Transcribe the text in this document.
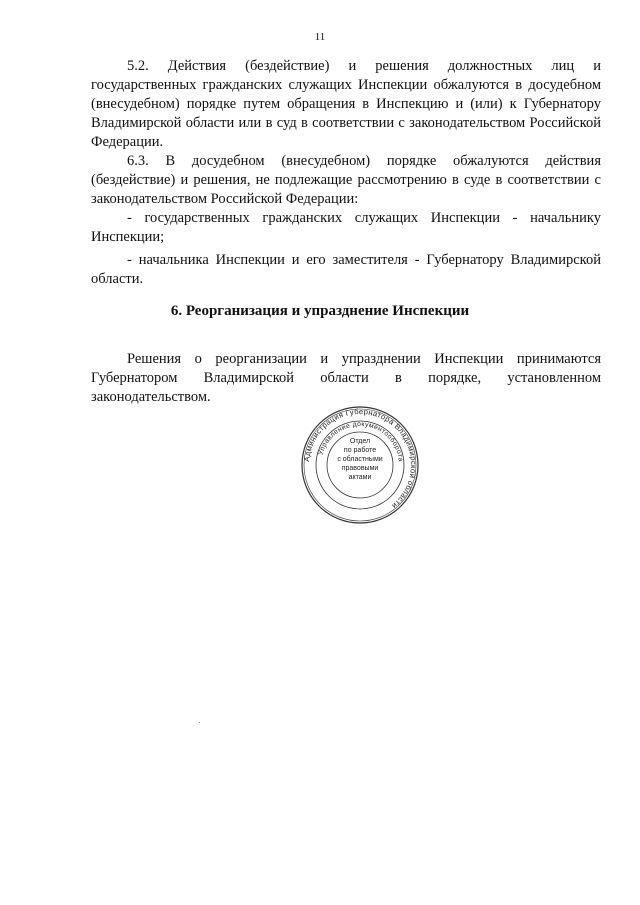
11

5.2. Действия (бездействие) и решения должностных лиц и государственных гражданских служащих Инспекции обжалуются в досудебном (внесудебном) порядке путем обращения в Инспекцию и (или) к Губернатору Владимирской области или в суд в соответствии с законодательством Российской Федерации.

6.3. В досудебном (внесудебном) порядке обжалуются действия (бездействие) и решения, не подлежащие рассмотрению в суде в соответствии с законодательством Российской Федерации:

- государственных гражданских служащих Инспекции - начальнику Инспекции;

- начальника Инспекции и его заместителя - Губернатору Владимирской области.

6. Реорганизация и упразднение Инспекции

Решения о реорганизации и упразднении Инспекции принимаются Губернатором Владимирской области в порядке, установленном законодательством.

Администрация Губернатора Владимирской области
Управление документооборота
Отдел
по работе
с областными
правовыми
актами
